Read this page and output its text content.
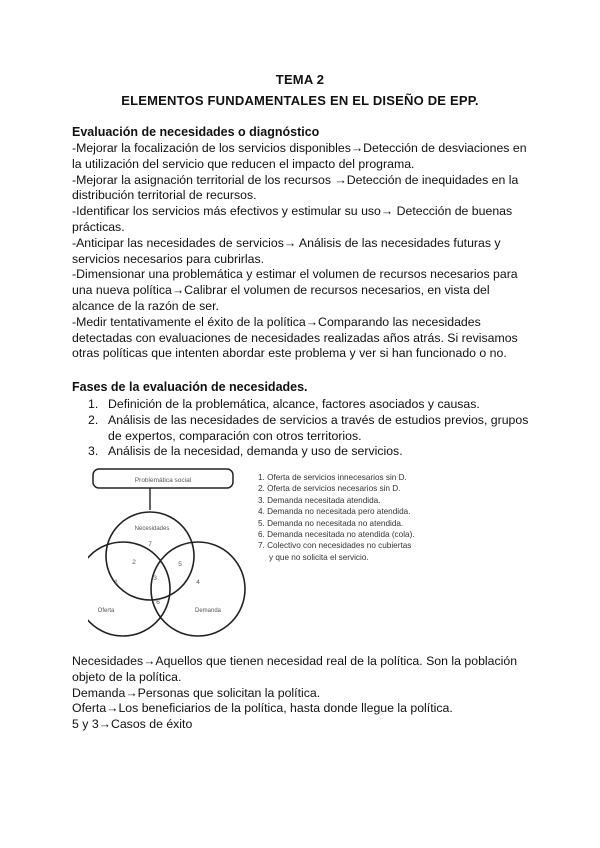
TEMA 2
ELEMENTOS FUNDAMENTALES EN EL DISEÑO DE EPP.
Evaluación de necesidades o diagnóstico
-Mejorar la focalización de los servicios disponibles→Detección de desviaciones en
la utilización del servicio que reducen el impacto del programa.
-Mejorar la asignación territorial de los recursos →Detección de inequidades en la
distribución territorial de recursos.
-Identificar los servicios más efectivos y estimular su uso→ Detección de buenas
prácticas.
-Anticipar las necesidades de servicios→ Análisis de las necesidades futuras y
servicios necesarios para cubrirlas.
-Dimensionar una problemática y estimar el volumen de recursos necesarios para
una nueva política→Calibrar el volumen de recursos necesarios, en vista del
alcance de la razón de ser.
-Medir tentativamente el éxito de la política→Comparando las necesidades
detectadas con evaluaciones de necesidades realizadas años atrás. Si revisamos
otras políticas que intenten abordar este problema y ver si han funcionado o no.
Fases de la evaluación de necesidades.
1. Definición de la problemática, alcance, factores asociados y causas.
2. Análisis de las necesidades de servicios a través de estudios previos, grupos
de expertos, comparación con otros territorios.
3. Análisis de la necesidad, demanda y uso de servicios.
Problemática social
Necesidades
Oferta	Demanda
7
2
3
5
1	4
6
1. Oferta de servicios innecesarios sin D.
2. Oferta de servicios necesarios sin D.
3. Demanda necesitada atendida.
4. Demanda no necesitada pero atendida.
5. Demanda no necesitada no atendida.
6. Demanda necesitada no atendida (cola).
7. Colectivo con necesidades no cubiertas
y que no solicita el servicio.
Necesidades→Aquellos que tienen necesidad real de la política. Son la población
objeto de la política.
Demanda→Personas que solicitan la política.
Oferta→Los beneficiarios de la política, hasta donde llegue la política.
5 y 3→Casos de éxito
